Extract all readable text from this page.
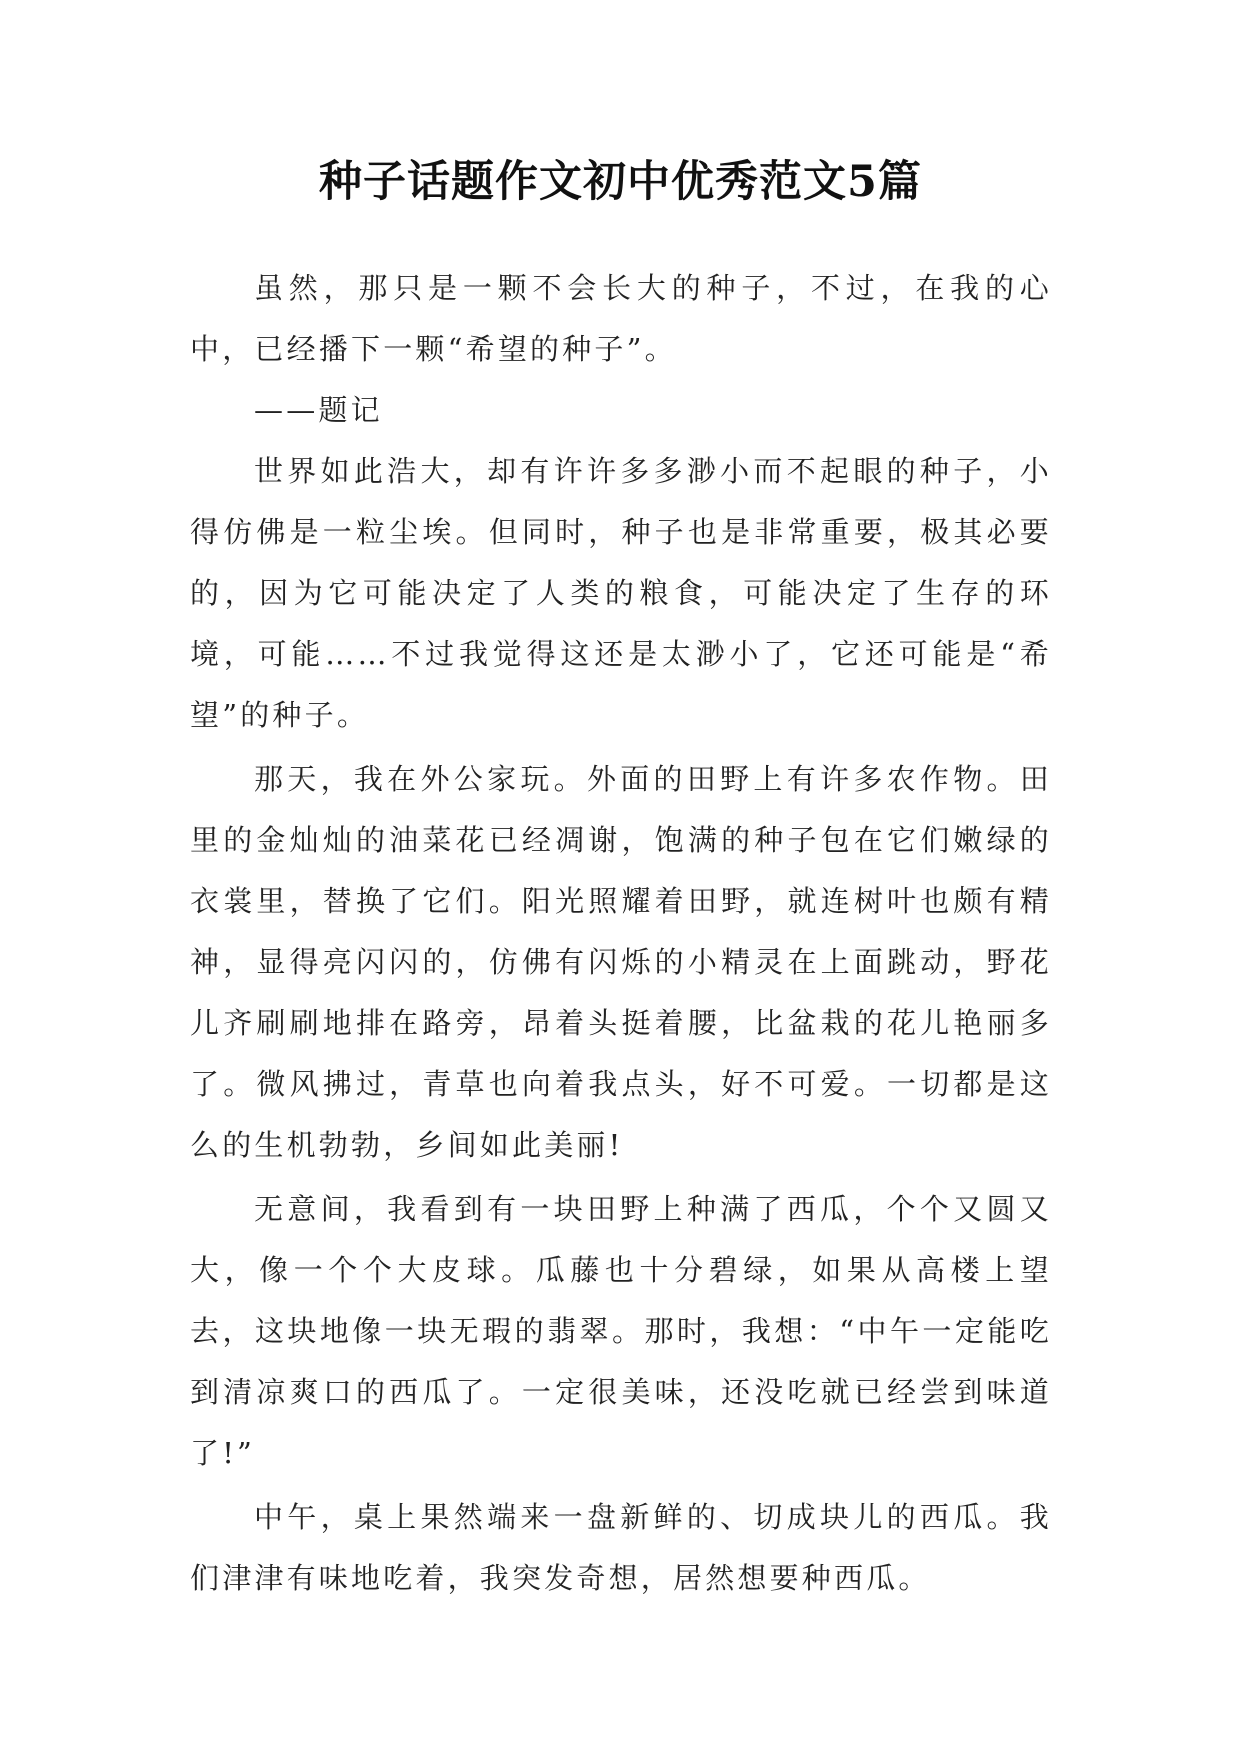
种子话题作文初中优秀范文5篇

虽然，那只是一颗不会长大的种子，不过，在我的心中，已经播下一颗“希望的种子”。

——题记

世界如此浩大，却有许许多多渺小而不起眼的种子，小得仿佛是一粒尘埃。但同时，种子也是非常重要，极其必要的，因为它可能决定了人类的粮食，可能决定了生存的环境，可能……不过我觉得这还是太渺小了，它还可能是“希望”的种子。

那天，我在外公家玩。外面的田野上有许多农作物。田里的金灿灿的油菜花已经凋谢，饱满的种子包在它们嫩绿的衣裳里，替换了它们。阳光照耀着田野，就连树叶也颇有精神，显得亮闪闪的，仿佛有闪烁的小精灵在上面跳动，野花儿齐刷刷地排在路旁，昂着头挺着腰，比盆栽的花儿艳丽多了。微风拂过，青草也向着我点头，好不可爱。一切都是这么的生机勃勃，乡间如此美丽!

无意间，我看到有一块田野上种满了西瓜，个个又圆又大，像一个个大皮球。瓜藤也十分碧绿，如果从高楼上望去，这块地像一块无瑕的翡翠。那时，我想：“中午一定能吃到清凉爽口的西瓜了。一定很美味，还没吃就已经尝到味道了!”

中午，桌上果然端来一盘新鲜的、切成块儿的西瓜。我们津津有味地吃着，我突发奇想，居然想要种西瓜。
